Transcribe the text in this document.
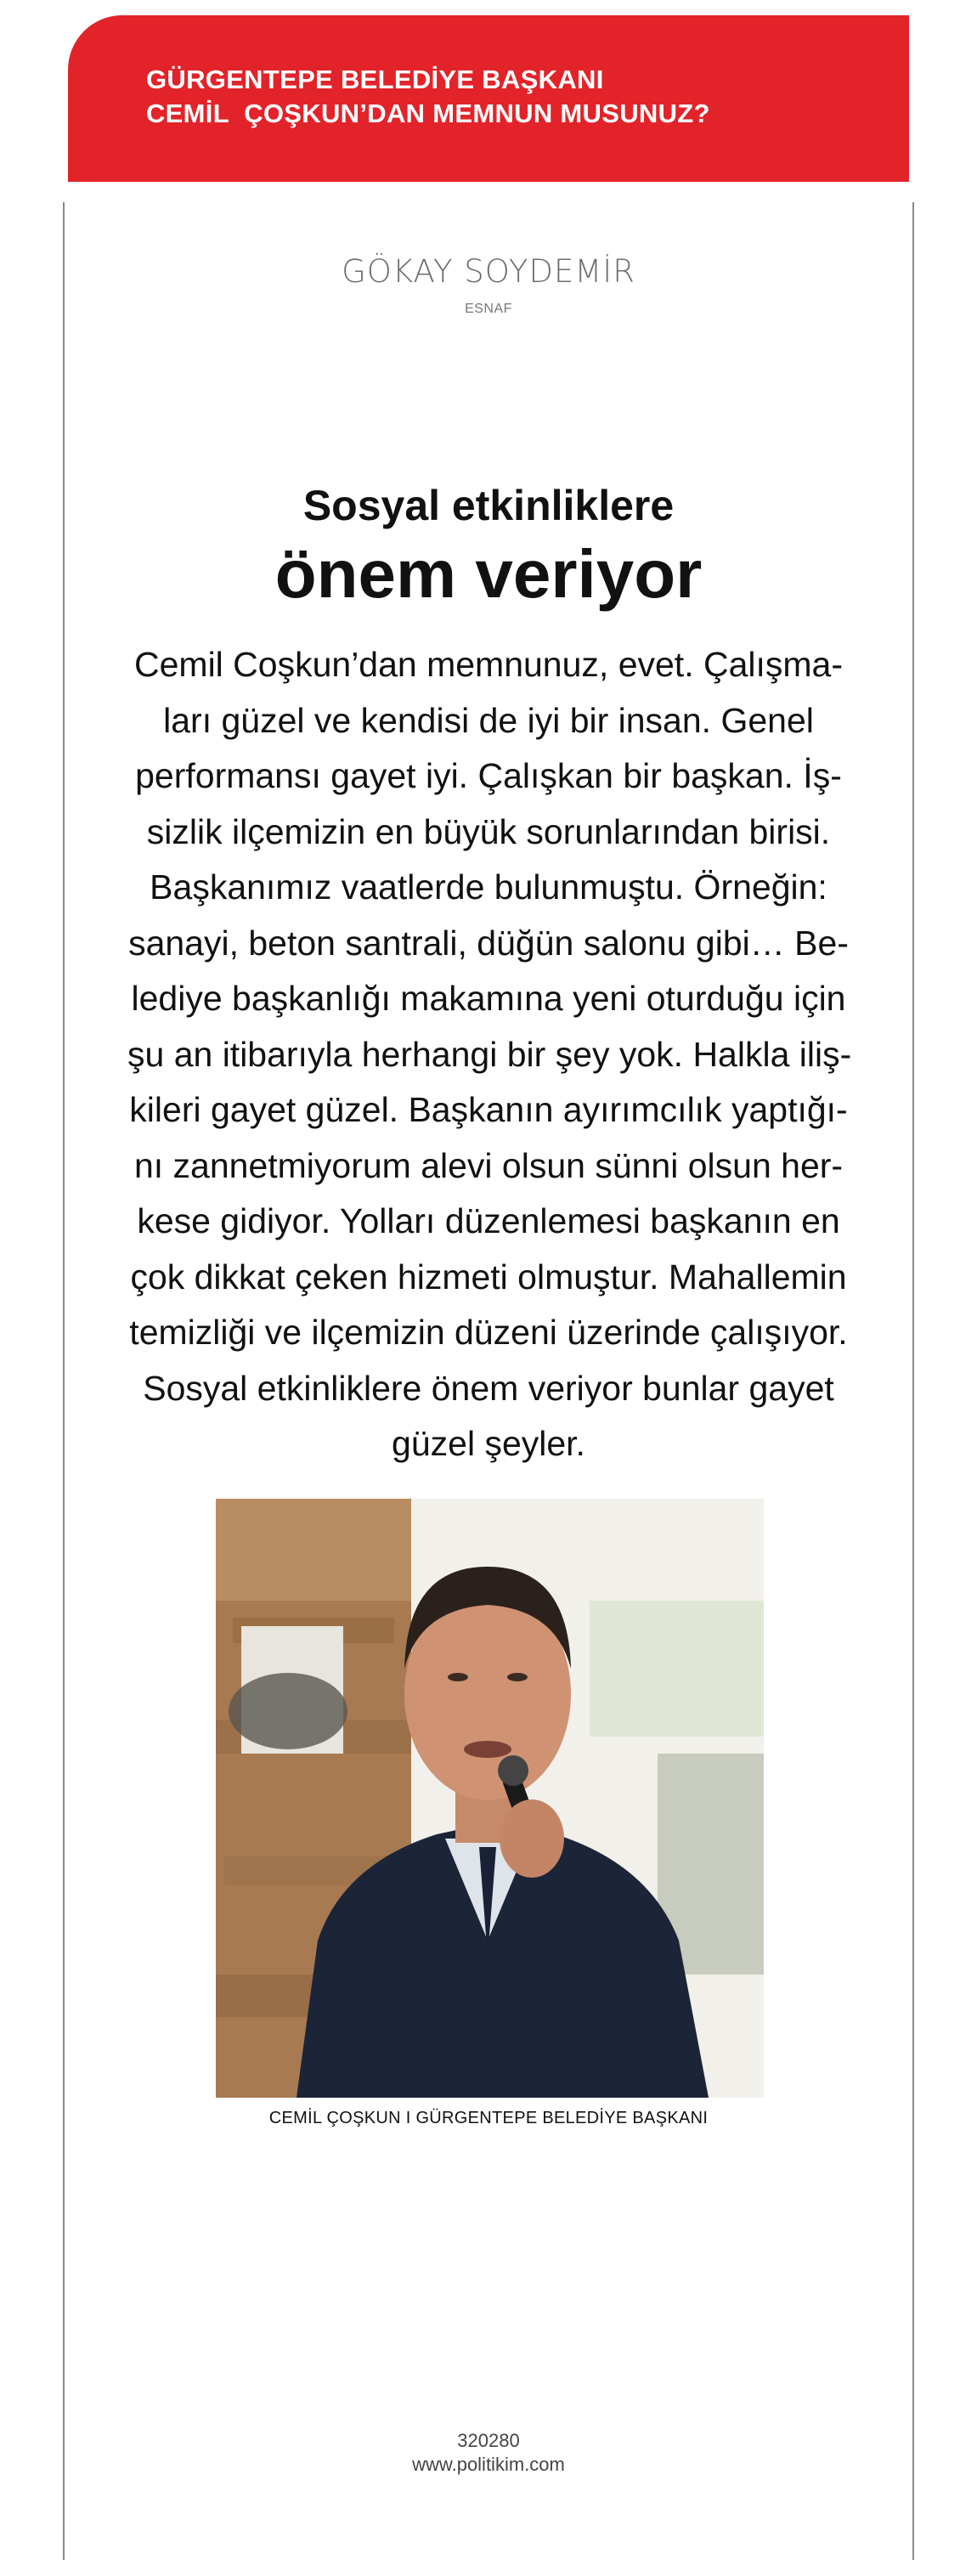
GÜRGENTEPE BELEDİYE BAŞKANI
CEMİL  ÇOŞKUN’DAN MEMNUN MUSUNUZ?
GÖKAY SOYDEMİR
ESNAF
Sosyal etkinliklere
önem veriyor
Cemil Coşkun’dan memnunuz, evet. Çalışma-
ları güzel ve kendisi de iyi bir insan. Genel
performansı gayet iyi. Çalışkan bir başkan. İş-
sizlik ilçemizin en büyük sorunlarından birisi.
Başkanımız vaatlerde bulunmuştu. Örneğin:
sanayi, beton santrali, düğün salonu gibi… Be-
lediye başkanlığı makamına yeni oturduğu için
şu an itibarıyla herhangi bir şey yok. Halkla iliş-
kileri gayet güzel. Başkanın ayırımcılık yaptığı-
nı zannetmiyorum alevi olsun sünni olsun her-
kese gidiyor. Yolları düzenlemesi başkanın en
çok dikkat çeken hizmeti olmuştur. Mahallemin
temizliği ve ilçemizin düzeni üzerinde çalışıyor.
Sosyal etkinliklere önem veriyor bunlar gayet
güzel şeyler.
CEMİL ÇOŞKUN I GÜRGENTEPE BELEDİYE BAŞKANI
320280
www.politikim.com
